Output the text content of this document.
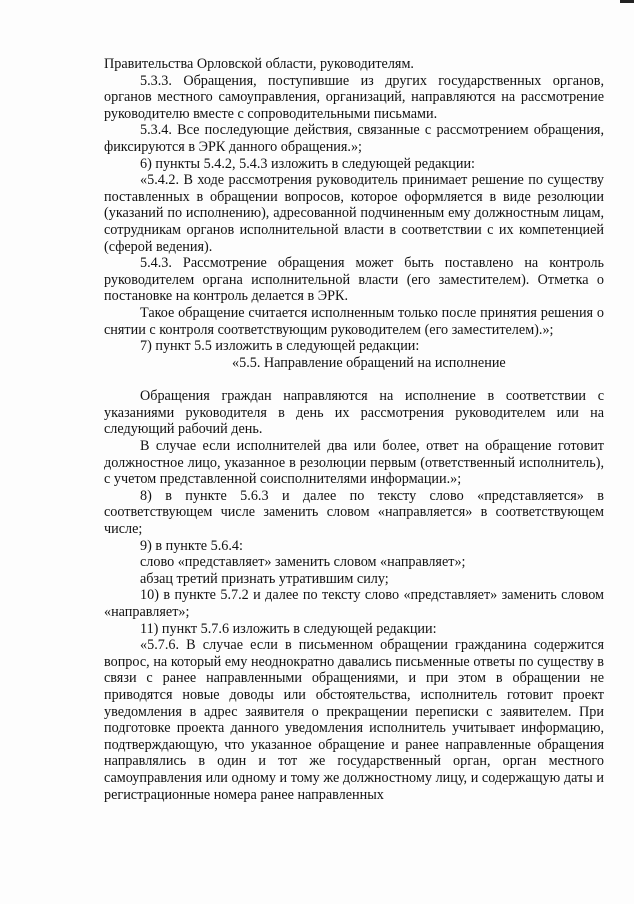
Правительства Орловской области, руководителям.

5.3.3. Обращения, поступившие из других государственных органов, органов местного самоуправления, организаций, направляются на рассмотрение руководителю вместе с сопроводительными письмами.

5.3.4. Все последующие действия, связанные с рассмотрением обращения, фиксируются в ЭРК данного обращения.»;

6) пункты 5.4.2, 5.4.3 изложить в следующей редакции:

«5.4.2. В ходе рассмотрения руководитель принимает решение по существу поставленных в обращении вопросов, которое оформляется в виде резолюции (указаний по исполнению), адресованной подчиненным ему должностным лицам, сотрудникам органов исполнительной власти в соответствии с их компетенцией (сферой ведения).

5.4.3. Рассмотрение обращения может быть поставлено на контроль руководителем органа исполнительной власти (его заместителем). Отметка о постановке на контроль делается в ЭРК.

Такое обращение считается исполненным только после принятия решения о снятии с контроля соответствующим руководителем (его заместителем).»;

7) пункт 5.5 изложить в следующей редакции:

«5.5. Направление обращений на исполнение

Обращения граждан направляются на исполнение в соответствии с указаниями руководителя в день их рассмотрения руководителем или на следующий рабочий день.

В случае если исполнителей два или более, ответ на обращение готовит должностное лицо, указанное в резолюции первым (ответственный исполнитель), с учетом представленной соисполнителями информации.»;

8) в пункте 5.6.3 и далее по тексту слово «представляется» в соответствующем числе заменить словом «направляется» в соответствующем числе;

9) в пункте 5.6.4:

слово «представляет» заменить словом «направляет»;

абзац третий признать утратившим силу;

10) в пункте 5.7.2 и далее по тексту слово «представляет» заменить словом «направляет»;

11) пункт 5.7.6 изложить в следующей редакции:

«5.7.6. В случае если в письменном обращении гражданина содержится вопрос, на который ему неоднократно давались письменные ответы по существу в связи с ранее направленными обращениями, и при этом в обращении не приводятся новые доводы или обстоятельства, исполнитель готовит проект уведомления в адрес заявителя о прекращении переписки с заявителем. При подготовке проекта данного уведомления исполнитель учитывает информацию, подтверждающую, что указанное обращение и ранее направленные обращения направлялись в один и тот же государственный орган, орган местного самоуправления или одному и тому же должностному лицу, и содержащую даты и регистрационные номера ранее направленных
